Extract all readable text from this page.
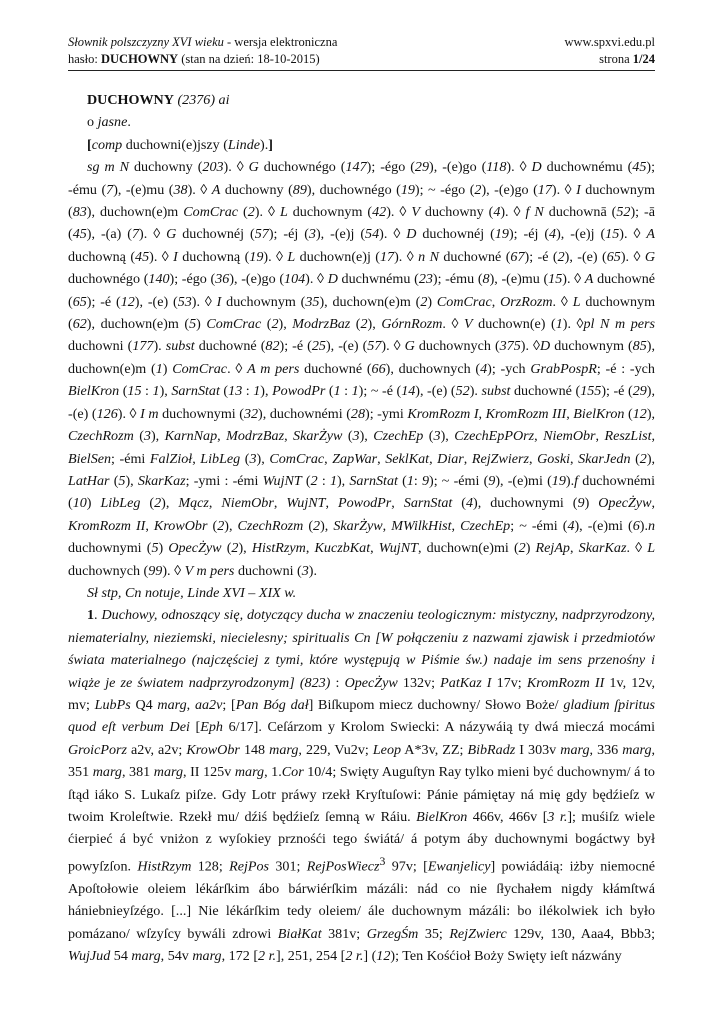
Słownik polszczyzny XVI wieku - wersja elektroniczna
hasło: DUCHOWNY (stan na dzień: 18-10-2015)
www.spxvi.edu.pl
strona 1/24

DUCHOWNY (2376) ai

o jasne.

[comp duchowni(e)jszy (Linde).]

sg m N duchowny (203). ◊ G duchownégo (147); -égo (29), -(e)go (118). ◊ D duchownému (45); -ému (7), -(e)mu (38). ◊ A duchowny (89), duchownégo (19); ~ -égo (2), -(e)go (17). ◊ I duchownym (83), duchown(e)m ComCrac (2). ◊ L duchownym (42). ◊ V duchowny (4). ◊ f N duchownā (52); -ā (45), -(a) (7). ◊ G duchownéj (57); -éj (3), -(e)j (54). ◊ D duchownéj (19); -éj (4), -(e)j (15). ◊ A duchowną (45). ◊ I duchowną (19). ◊ L duchown(e)j (17). ◊ n N duchowné (67); -é (2), -(e) (65). ◊ G duchownégo (140); -égo (36), -(e)go (104). ◊ D duchwnému (23); -ému (8), -(e)mu (15). ◊ A duchowné (65); -é (12), -(e) (53). ◊ I duchownym (35), duchown(e)m (2) ComCrac, OrzRozm. ◊ L duchownym (62), duchown(e)m (5) ComCrac (2), ModrzBaz (2), GórnRozm. ◊ V duchown(e) (1). ◊pl N m pers duchowni (177). subst duchowné (82); -é (25), -(e) (57). ◊ G duchownych (375). ◊D duchownym (85), duchown(e)m (1) ComCrac. ◊ A m pers duchowné (66), duchownych (4); -ych GrabPospR; -é : -ych BielKron (15 : 1), SarnStat (13 : 1), PowodPr (1 : 1); ~ -é (14), -(e) (52). subst duchowné (155); -é (29), -(e) (126). ◊ I m duchownymi (32), duchownémi (28); -ymi KromRozm I, KromRozm III, BielKron (12), CzechRozm (3), KarnNap, ModrzBaz, SkarŻyw (3), CzechEp (3), CzechEpPOrz, NiemObr, ReszList, BielSen; -émi FalZioł, LibLeg (3), ComCrac, ZapWar, SeklKat, Diar, RejZwierz, Goski, SkarJedn (2), LatHar (5), SkarKaz; -ymi : -émi WujNT (2 : 1), SarnStat (1: 9); ~ -émi (9), -(e)mi (19).f duchownémi (10) LibLeg (2), Mącz, NiemObr, WujNT, PowodPr, SarnStat (4), duchownymi (9) OpecŻyw, KromRozm II, KrowObr (2), CzechRozm (2), SkarŻyw, MWilkHist, CzechEp; ~ -émi (4), -(e)mi (6).n duchownymi (5) OpecŻyw (2), HistRzym, KuczbKat, WujNT, duchown(e)mi (2) RejAp, SkarKaz. ◊ L duchownych (99). ◊ V m pers duchowni (3).

Sł stp, Cn notuje, Linde XVI – XIX w.

1. Duchowy, odnoszący się, dotyczący ducha w znaczeniu teologicznym: mistyczny, nadprzyrodzony, niematerialny, nieziemski, niecielesny; spiritualis Cn [W połączeniu z nazwami zjawisk i przedmiotów świata materialnego (najczęściej z tymi, które występują w Piśmie św.) nadaje im sens przenośny i wiąże je ze światem nadprzyrodzonym] (823) : OpecŻyw 132v; PatKaz I 17v; KromRozm II 1v, 12v, mv; LubPs Q4 marg, aa2v; [Pan Bóg dał] Biſkupom miecz duchowny/ Słowo Boże/ gladium ſpiritus quod eſt verbum Dei [Eph 6/17]. Ceſárzom y Krolom Swiecki: A názywáią ty dwá mieczá mocámi GroicPorz a2v, a2v; KrowObr 148 marg, 229, Vu2v; Leop A*3v, ZZ; BibRadz I 303v marg, 336 marg, 351 marg, 381 marg, II 125v marg, 1.Cor 10/4; Swięty Auguſtyn Ray tylko mieni być duchownym/ á to ſtąd iáko S. Lukaſz piſze. Gdy Lotr práwy rzekł Kryſtuſowi: Pánie pámiętay ná mię gdy będźieſz w twoim Kroleſtwie. Rzekł mu/ dźiś będźieſz ſemną w Ráiu. BielKron 466v, 466v [3 r.]; muśiſz wiele ćierpieć á być vniżon z wyſokiey prznośći tego świátá/ á potym áby duchownymi bogáctwy był powyſzſon. HistRzym 128; RejPos 301; RejPosWiecz$^3$ 97v; [Ewanjelicy] powiádáią: iżby niemocné Apoſtołowie oleiem lékárſkim ábo bárwiérſkim mázáli: nád co nie ſłychałem nigdy kłámſtwá hániebnieyſzégo. [...] Nie lékárſkim tedy oleiem/ ále duchownym mázáli: bo ilékolwiek ich było pomázano/ wſzyſcy bywáli zdrowi BiałKat 381v; GrzegŚm 35; RejZwierc 129v, 130, Aaa4, Bbb3; WujJud 54 marg, 54v marg, 172 [2 r.], 251, 254 [2 r.] (12); Ten Kośćioł Boży Swięty ieſt názwány
